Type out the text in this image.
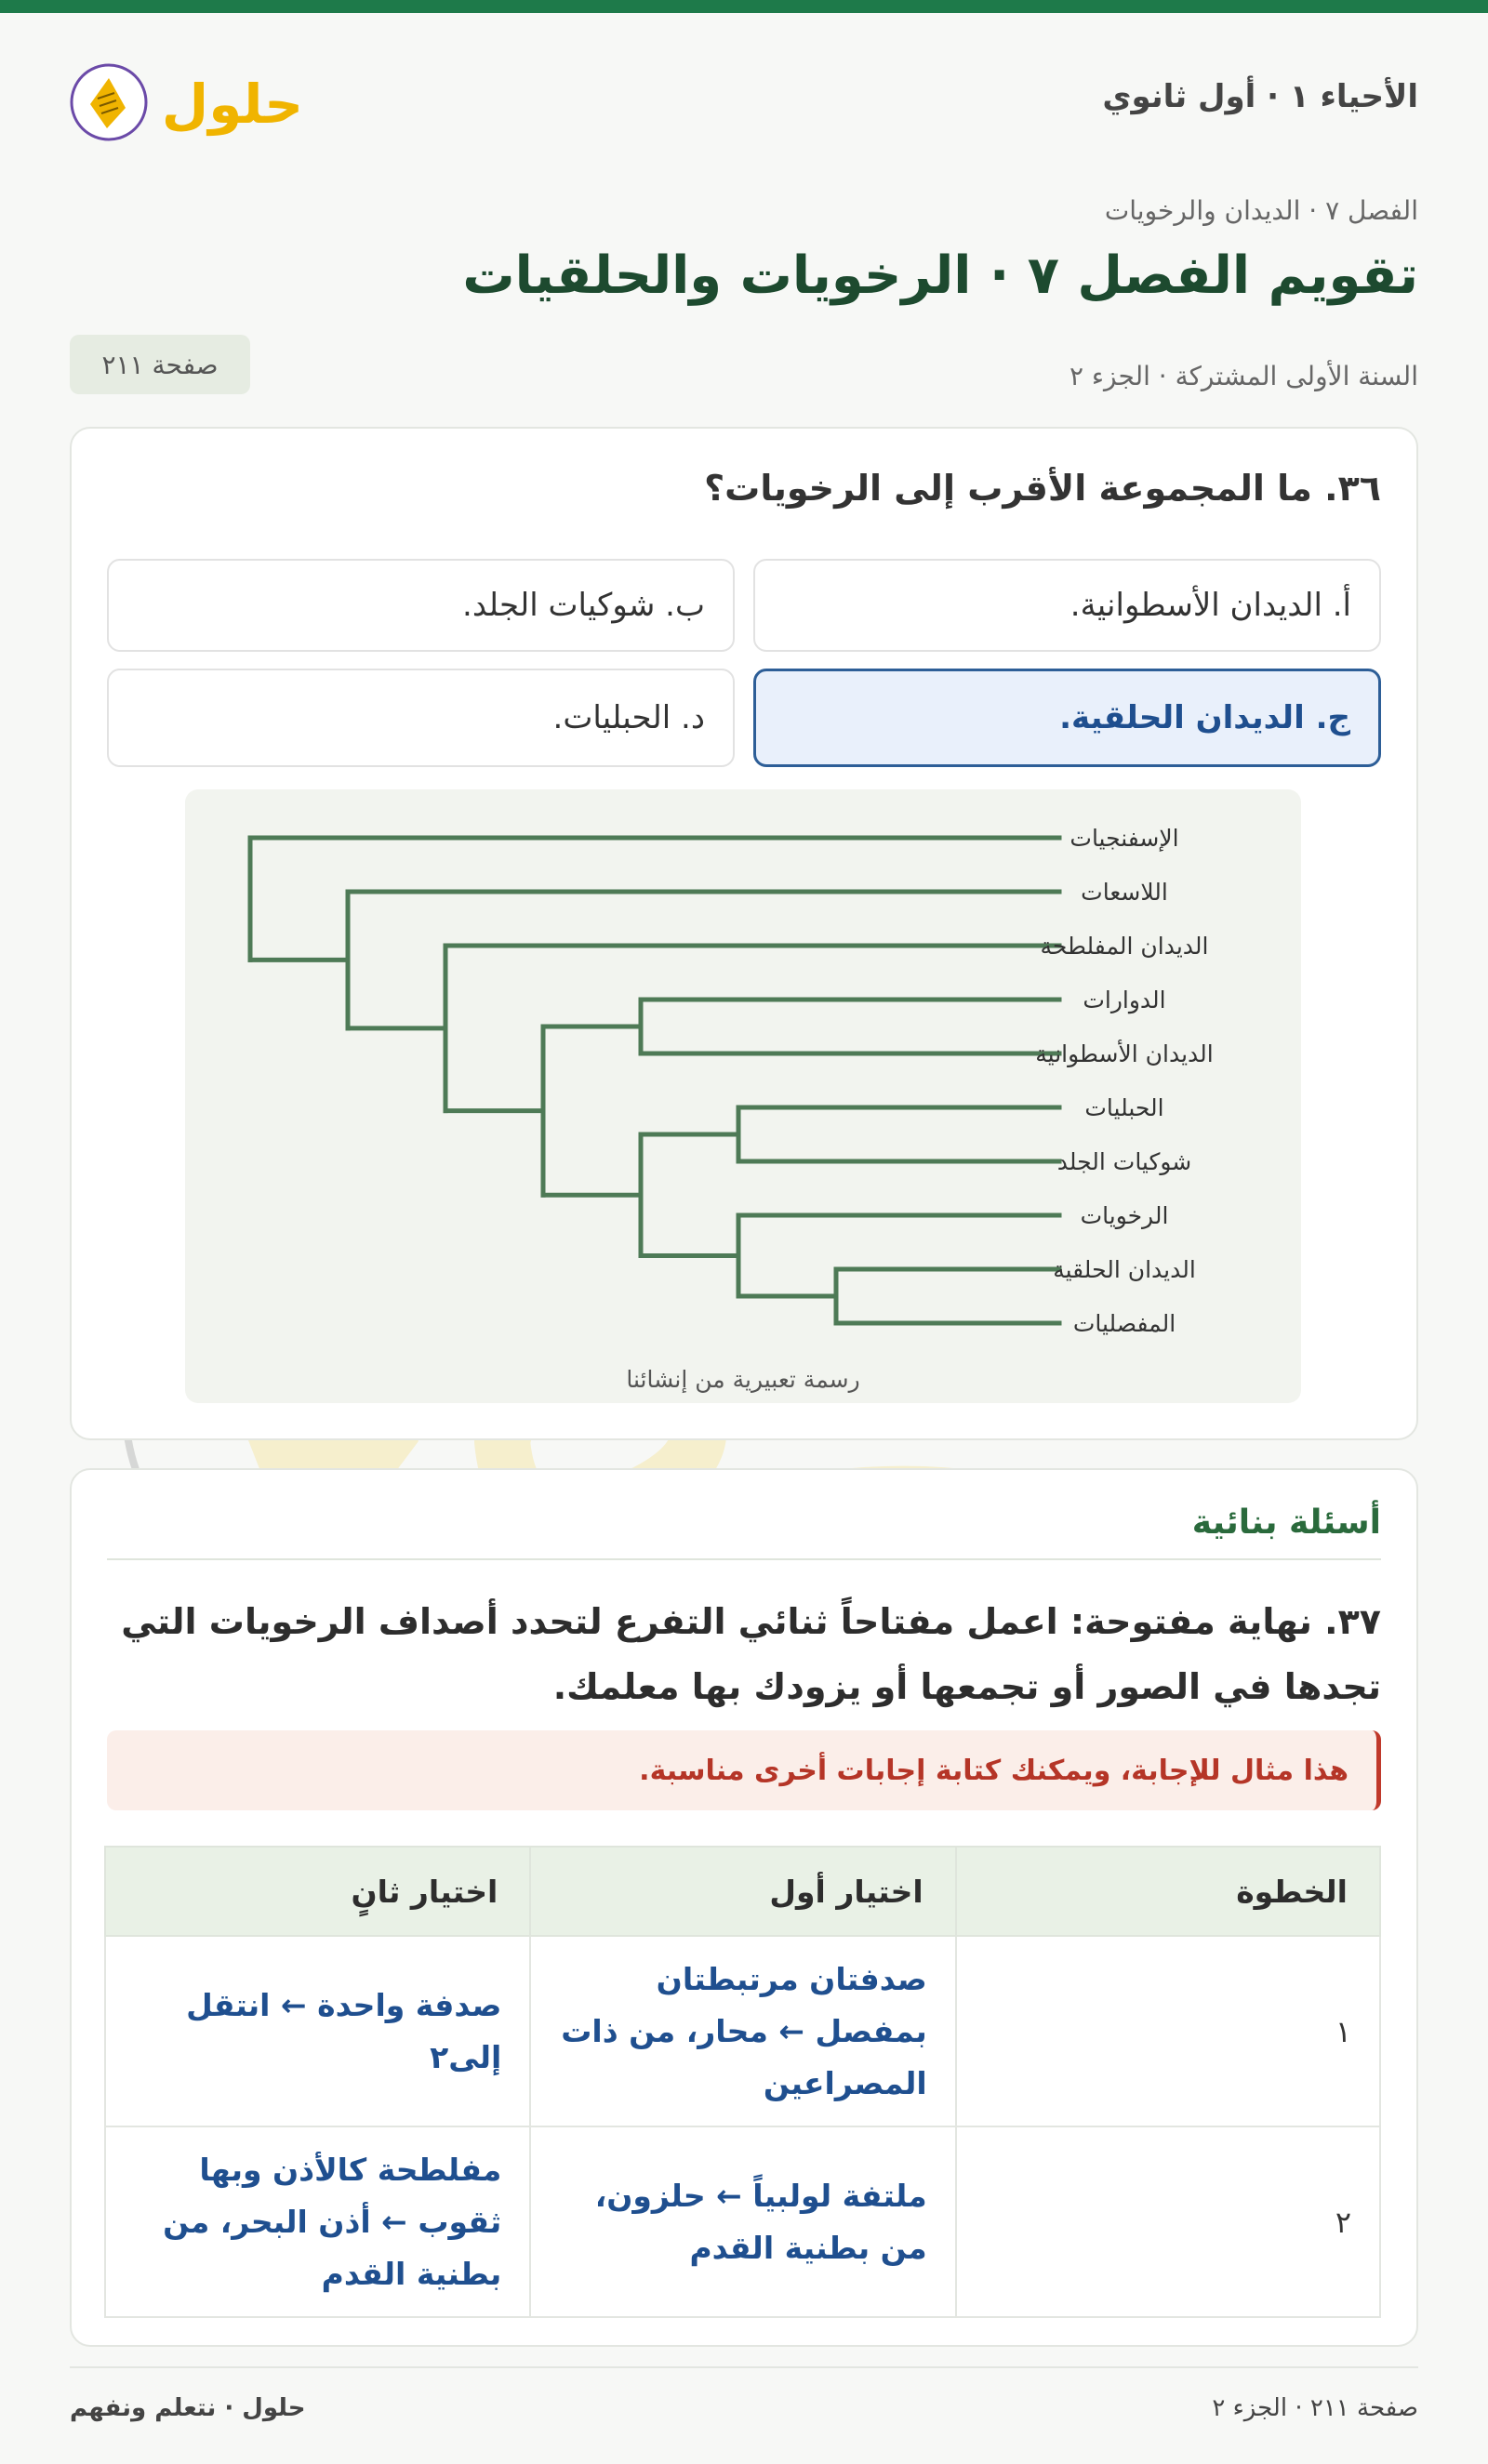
الأحياء ١ · أول ثانوي
حلول
الفصل ٧ · الديدان والرخويات
تقويم الفصل ٧ · الرخويات والحلقيات
السنة الأولى المشتركة · الجزء ٢
صفحة ٢١١
٣٦. ما المجموعة الأقرب إلى الرخويات؟
أ. الديدان الأسطوانية.
ب. شوكيات الجلد.
ج. الديدان الحلقية.
د. الحبليات.
الإسفنجيات
اللاسعات
الديدان المفلطحة
الدوارات
الديدان الأسطوانية
الحبليات
شوكيات الجلد
الرخويات
الديدان الحلقية
المفصليات
رسمة تعبيرية من إنشائنا
أسئلة بنائية
٣٧. نهاية مفتوحة: اعمل مفتاحاً ثنائي التفرع لتحدد أصداف الرخويات التي تجدها في الصور أو تجمعها أو يزودك بها معلمك.
هذا مثال للإجابة، ويمكنك كتابة إجابات أخرى مناسبة.
الخطوة	اختيار أول	اختيار ثانٍ
١	صدفتان مرتبطتان بمفصل ← محار، من ذات المصراعين	صدفة واحدة ← انتقل إلى٢
٢	ملتفة لولبياً ← حلزون، من بطنية القدم	مفلطحة كالأذن وبها ثقوب ← أذن البحر، من بطنية القدم
صفحة ٢١١ · الجزء ٢
حلول · نتعلم ونفهم
